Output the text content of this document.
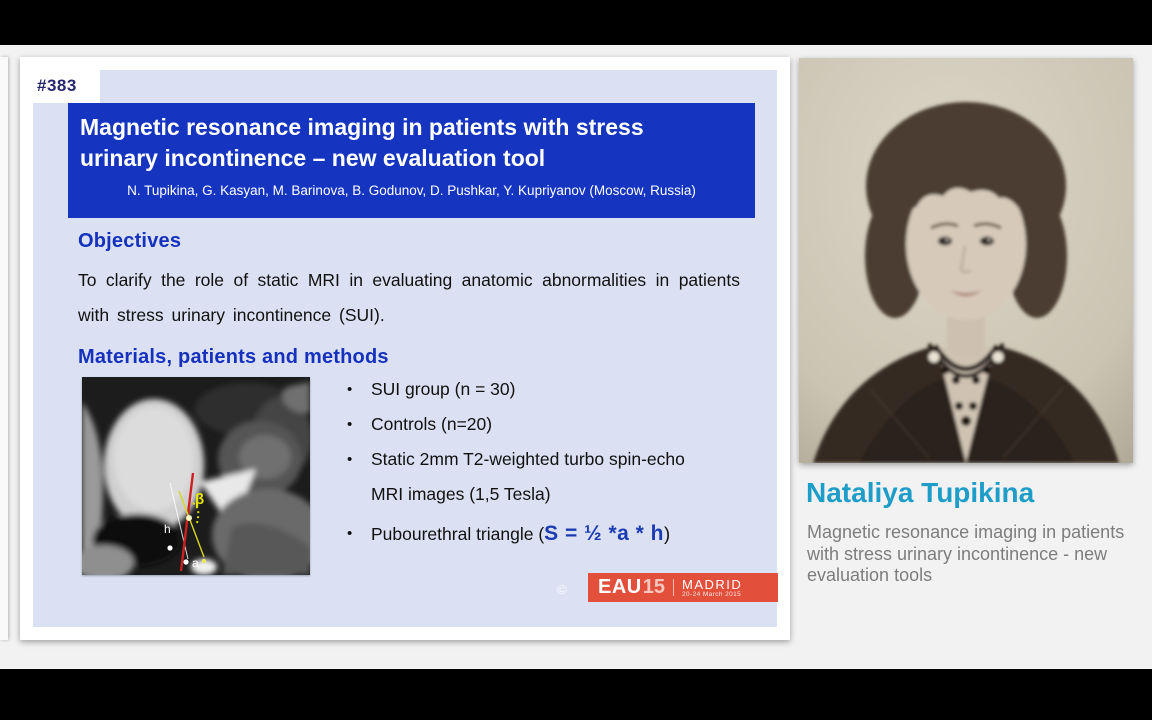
#383
Magnetic resonance imaging in patients with stress urinary incontinence – new evaluation tool
N. Tupikina, G. Kasyan, M. Barinova, B. Godunov, D. Pushkar, Y. Kupriyanov (Moscow, Russia)
Objectives

To clarify the role of static MRI in evaluating anatomic abnormalities in patients with stress urinary incontinence (SUI).

Materials, patients and methods
β
h
a
•	SUI group (n = 30)
•	Controls (n=20)
•	Static 2mm T2-weighted turbo spin-echo MRI images (1,5 Tesla)
•	Pubourethral triangle (S = ½ *a * h)
© EAU 15 MADRID
20-24 March 2015
Nataliya Tupikina
Magnetic resonance imaging in patients with stress urinary incontinence - new evaluation tools
